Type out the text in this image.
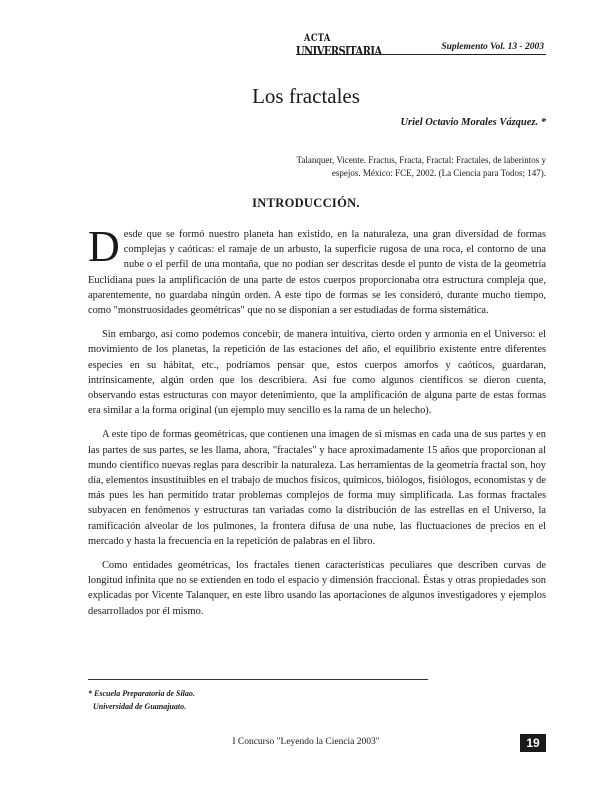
ACTA
UNIVERSITARIA	Suplemento Vol. 13 - 2003
Los fractales
Uriel Octavio Morales Vázquez. *
Talanquer, Vicente. Fractus, Fracta, Fractal: Fractales, de laberintos y
espejos. México: FCE, 2002. (La Ciencia para Todos; 147).
INTRODUCCIÓN.

Desde que se formó nuestro planeta han existido, en la naturaleza, una gran diversidad de formas complejas y caóticas: el ramaje de un arbusto, la superficie rugosa de una roca, el contorno de una nube o el perfil de una montaña, que no podían ser descritas desde el punto de vista de la geometría Euclidiana pues la amplificación de una parte de estos cuerpos proporcionaba otra estructura compleja que, aparentemente, no guardaba ningún orden. A este tipo de formas se les consideró, durante mucho tiempo, como "monstruosidades geométricas" que no se disponían a ser estudiadas de forma sistemática.

Sin embargo, así como podemos concebir, de manera intuitiva, cierto orden y armonía en el Universo: el movimiento de los planetas, la repetición de las estaciones del año, el equilibrio existente entre diferentes especies en su hábitat, etc., podríamos pensar que, estos cuerpos amorfos y caóticos, guardaran, intrínsicamente, algún orden que los describiera. Así fue como algunos científicos se dieron cuenta, observando estas estructuras con mayor detenimiento, que la amplificación de alguna parte de estas formas era similar a la forma original (un ejemplo muy sencillo es la rama de un helecho).

A este tipo de formas geométricas, que contienen una imagen de sí mismas en cada una de sus partes y en las partes de sus partes, se les llama, ahora, "fractales" y hace aproximadamente 15 años que proporcionan al mundo científico nuevas reglas para describir la naturaleza. Las herramientas de la geometría fractal son, hoy día, elementos insustituibles en el trabajo de muchos físicos, químicos, biólogos, fisiólogos, economistas y de más pues les han permitido tratar problemas complejos de forma muy simplificada. Las formas fractales subyacen en fenómenos y estructuras tan variadas como la distribución de las estrellas en el Universo, la ramificación alveolar de los pulmones, la frontera difusa de una nube, las fluctuaciones de precios en el mercado y hasta la frecuencia en la repetición de palabras en el libro.

Como entidades geométricas, los fractales tienen características peculiares que describen curvas de longitud infinita que no se extienden en todo el espacio y dimensión fraccional. Éstas y otras propiedades son explicadas por Vicente Talanquer, en este libro usando las aportaciones de algunos investigadores y ejemplos desarrollados por él mismo.

* Escuela Preparatoria de Silao.
Universidad de Guanajuato.
I Concurso "Leyendo la Ciencia 2003"	19
